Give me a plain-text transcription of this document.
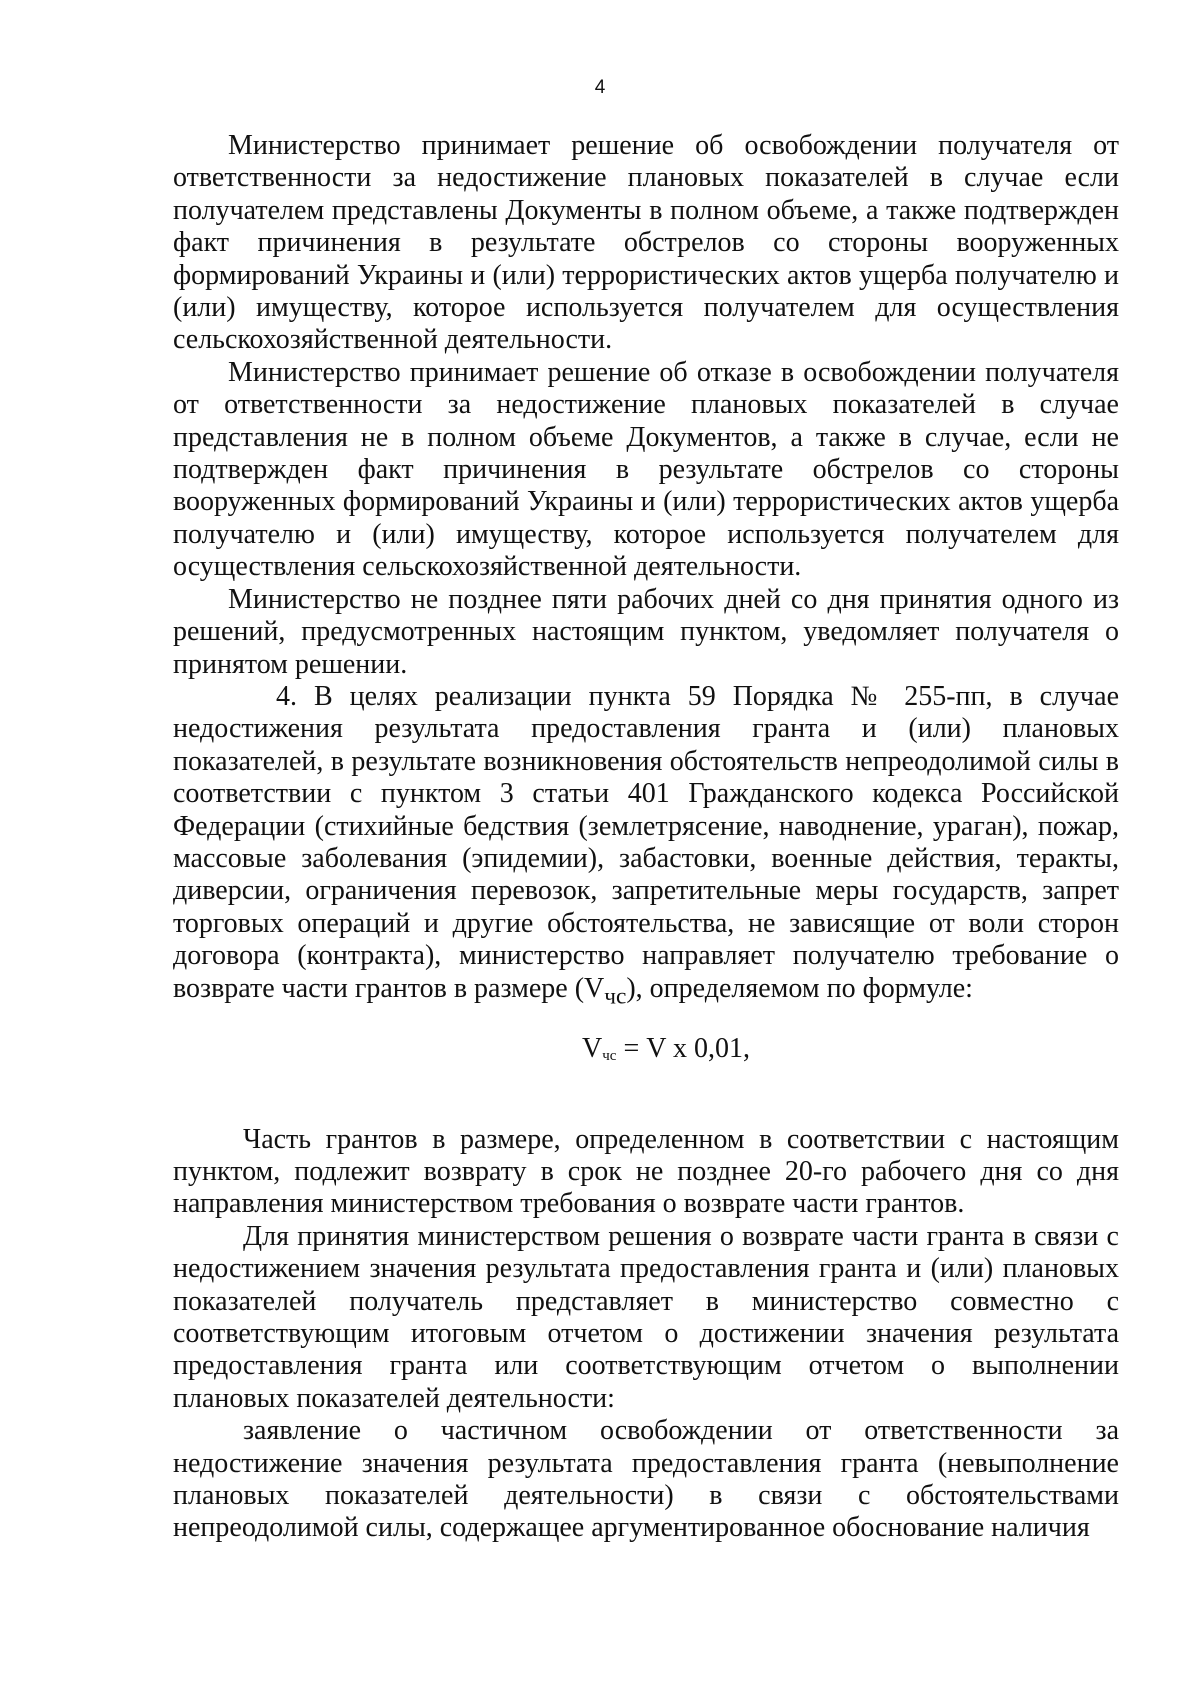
4

Министерство принимает решение об освобождении получателя от ответственности за недостижение плановых показателей в случае если получателем представлены Документы в полном объеме, а также подтвержден факт причинения в результате обстрелов со стороны вооруженных формирований Украины и (или) террористических актов ущерба получателю и (или) имуществу, которое используется получателем для осуществления сельскохозяйственной деятельности.

Министерство принимает решение об отказе в освобождении получателя от ответственности за недостижение плановых показателей в случае представления не в полном объеме Документов, а также в случае, если не подтвержден факт причинения в результате обстрелов со стороны вооруженных формирований Украины и (или) террористических актов ущерба получателю и (или) имуществу, которое используется получателем для осуществления сельскохозяйственной деятельности.

Министерство не позднее пяти рабочих дней со дня принятия одного из решений, предусмотренных настоящим пунктом, уведомляет получателя о принятом решении.

4. В целях реализации пункта 59 Порядка № 255-пп, в случае недостижения результата предоставления гранта и (или) плановых показателей, в результате возникновения обстоятельств непреодолимой силы в соответствии с пунктом 3 статьи 401 Гражданского кодекса Российской Федерации (стихийные бедствия (землетрясение, наводнение, ураган), пожар, массовые заболевания (эпидемии), забастовки, военные действия, теракты, диверсии, ограничения перевозок, запретительные меры государств, запрет торговых операций и другие обстоятельства, не зависящие от воли сторон договора (контракта), министерство направляет получателю требование о возврате части грантов в размере $(V_{чс})$, определяемом по формуле:

$V_{чс} = V$ x 0,01,

Часть грантов в размере, определенном в соответствии с настоящим пунктом, подлежит возврату в срок не позднее 20-го рабочего дня со дня направления министерством требования о возврате части грантов.

Для принятия министерством решения о возврате части гранта в связи с недостижением значения результата предоставления гранта и (или) плановых показателей получатель представляет в министерство совместно с соответствующим итоговым отчетом о достижении значения результата предоставления гранта или соответствующим отчетом о выполнении плановых показателей деятельности:

заявление о частичном освобождении от ответственности за недостижение значения результата предоставления гранта (невыполнение плановых показателей деятельности) в связи с обстоятельствами непреодолимой силы, содержащее аргументированное обоснование наличия
